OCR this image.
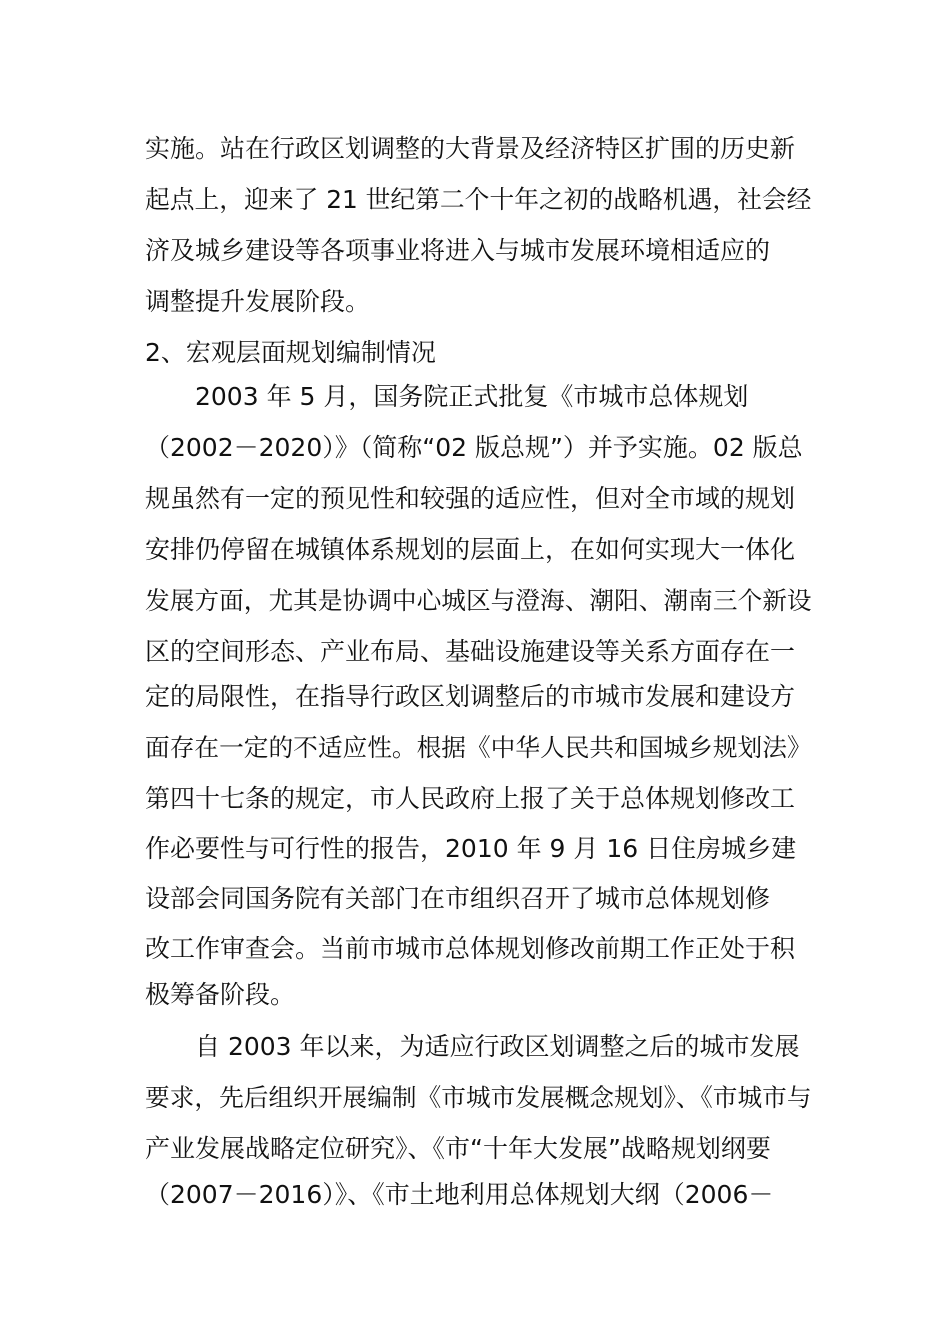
实施。站在行政区划调整的大背景及经济特区扩围的历史新
起点上，迎来了 21 世纪第二个十年之初的战略机遇，社会经
济及城乡建设等各项事业将进入与城市发展环境相适应的
调整提升发展阶段。
2、宏观层面规划编制情况
　　2003 年 5 月，国务院正式批复《市城市总体规划
（2002－2020）》（简称“02 版总规”）并予实施。02 版总
规虽然有一定的预见性和较强的适应性，但对全市域的规划
安排仍停留在城镇体系规划的层面上，在如何实现大一体化
发展方面，尤其是协调中心城区与澄海、潮阳、潮南三个新设
区的空间形态、产业布局、基础设施建设等关系方面存在一
定的局限性，在指导行政区划调整后的市城市发展和建设方
面存在一定的不适应性。根据《中华人民共和国城乡规划法》
第四十七条的规定，市人民政府上报了关于总体规划修改工
作必要性与可行性的报告，2010 年 9 月 16 日住房城乡建
设部会同国务院有关部门在市组织召开了城市总体规划修
改工作审查会。当前市城市总体规划修改前期工作正处于积
极筹备阶段。
　　自 2003 年以来，为适应行政区划调整之后的城市发展
要求，先后组织开展编制《市城市发展概念规划》、《市城市与
产业发展战略定位研究》、《市“十年大发展”战略规划纲要
（2007－2016）》、《市土地利用总体规划大纲（2006－
